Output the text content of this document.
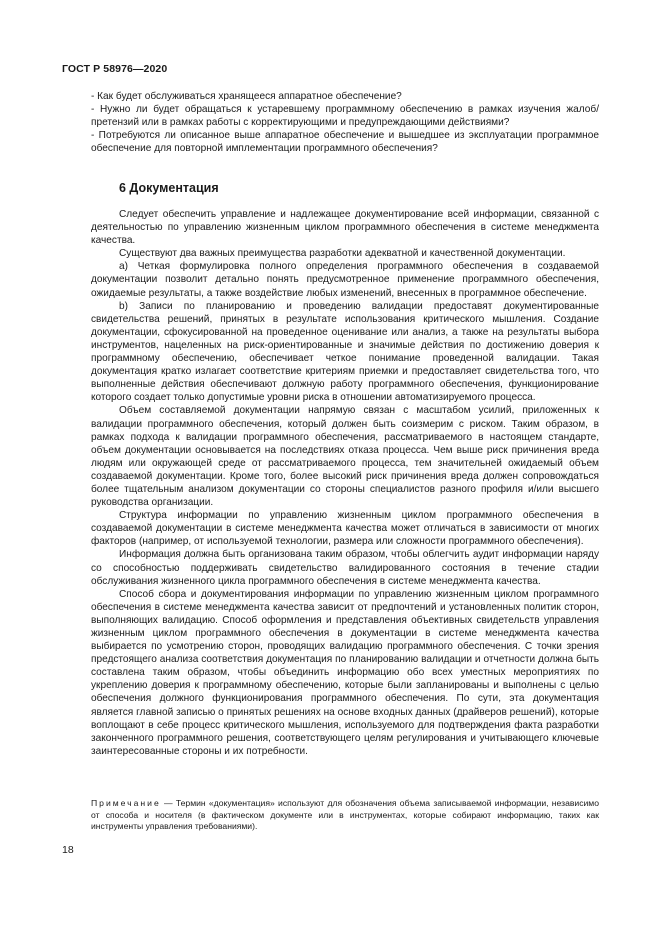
ГОСТ Р 58976—2020

- Как будет обслуживаться хранящееся аппаратное обеспечение?

- Нужно ли будет обращаться к устаревшему программному обеспечению в рамках изучения жалоб/претензий или в рамках работы с корректирующими и предупреждающими действиями?

- Потребуются ли описанное выше аппаратное обеспечение и вышедшее из эксплуатации программное обеспечение для повторной имплементации программного обеспечения?

6 Документация

Следует обеспечить управление и надлежащее документирование всей информации, связанной с деятельностью по управлению жизненным циклом программного обеспечения в системе менеджмента качества.

Существуют два важных преимущества разработки адекватной и качественной документации.

а) Четкая формулировка полного определения программного обеспечения в создаваемой документации позволит детально понять предусмотренное применение программного обеспечения, ожидаемые результаты, а также воздействие любых изменений, внесенных в программное обеспечение.

b) Записи по планированию и проведению валидации предоставят документированные свидетельства решений, принятых в результате использования критического мышления. Создание документации, сфокусированной на проведенное оценивание или анализ, а также на результаты выбора инструментов, нацеленных на риск-ориентированные и значимые действия по достижению доверия к программному обеспечению, обеспечивает четкое понимание проведенной валидации. Такая документация кратко излагает соответствие критериям приемки и предоставляет свидетельства того, что выполненные действия обеспечивают должную работу программного обеспечения, функционирование которого создает только допустимые уровни риска в отношении автоматизируемого процесса.

Объем составляемой документации напрямую связан с масштабом усилий, приложенных к валидации программного обеспечения, который должен быть соизмерим с риском. Таким образом, в рамках подхода к валидации программного обеспечения, рассматриваемого в настоящем стандарте, объем документации основывается на последствиях отказа процесса. Чем выше риск причинения вреда людям или окружающей среде от рассматриваемого процесса, тем значительней ожидаемый объем создаваемой документации. Кроме того, более высокий риск причинения вреда должен сопровождаться более тщательным анализом документации со стороны специалистов разного профиля и/или высшего руководства организации.

Структура информации по управлению жизненным циклом программного обеспечения в создаваемой документации в системе менеджмента качества может отличаться в зависимости от многих факторов (например, от используемой технологии, размера или сложности программного обеспечения).

Информация должна быть организована таким образом, чтобы облегчить аудит информации наряду со способностью поддерживать свидетельство валидированного состояния в течение стадии обслуживания жизненного цикла программного обеспечения в системе менеджмента качества.

Способ сбора и документирования информации по управлению жизненным циклом программного обеспечения в системе менеджмента качества зависит от предпочтений и установленных политик сторон, выполняющих валидацию. Способ оформления и представления объективных свидетельств управления жизненным циклом программного обеспечения в документации в системе менеджмента качества выбирается по усмотрению сторон, проводящих валидацию программного обеспечения. С точки зрения предстоящего анализа соответствия документация по планированию валидации и отчетности должна быть составлена таким образом, чтобы объединить информацию обо всех уместных мероприятиях по укреплению доверия к программному обеспечению, которые были запланированы и выполнены с целью обеспечения должного функционирования программного обеспечения. По сути, эта документация является главной записью о принятых решениях на основе входных данных (драйверов решений), которые воплощают в себе процесс критического мышления, используемого для подтверждения факта разработки законченного программного решения, соответствующего целям регулирования и учитывающего ключевые заинтересованные стороны и их потребности.

Примечание — Термин «документация» используют для обозначения объема записываемой информации, независимо от способа и носителя (в фактическом документе или в инструментах, которые собирают информацию, таких как инструменты управления требованиями).
18
